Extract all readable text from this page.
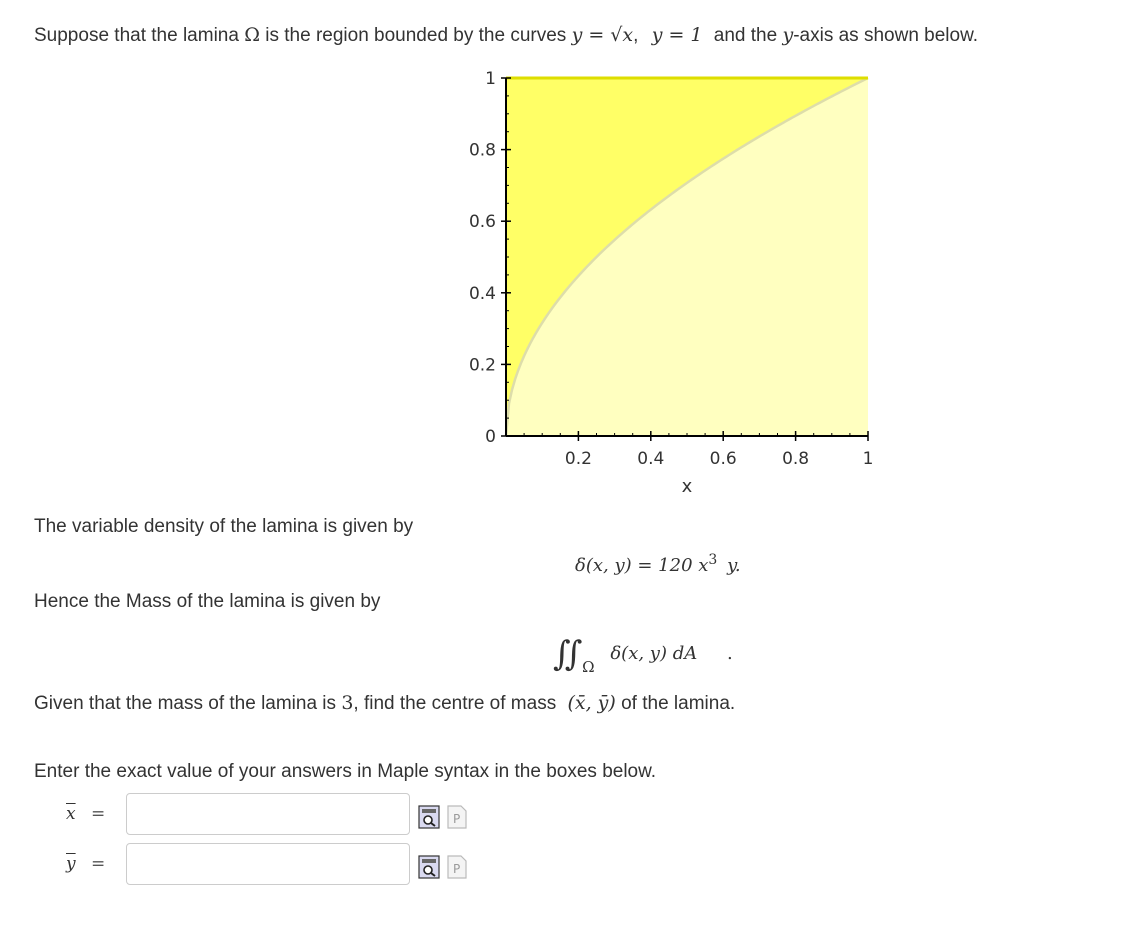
Suppose that the lamina Ω is the region bounded by the curves y = √x, y = 1 and the y-axis as shown below.
0.2	0.4	0.6	0.8	1
0
0.2
0.4
0.6
0.8
1
x
The variable density of the lamina is given by
δ(x, y) = 120 $x^3$ y.
Hence the Mass of the lamina is given by
∫∫ $_\Omega$ δ(x, y) dA .
Given that the mass of the lamina is 3, find the centre of mass (x̄, ȳ) of the lamina.
Enter the exact value of your answers in Maple syntax in the boxes below.
$\overline{x}$ =	P
$\overline{y}$ =	P
